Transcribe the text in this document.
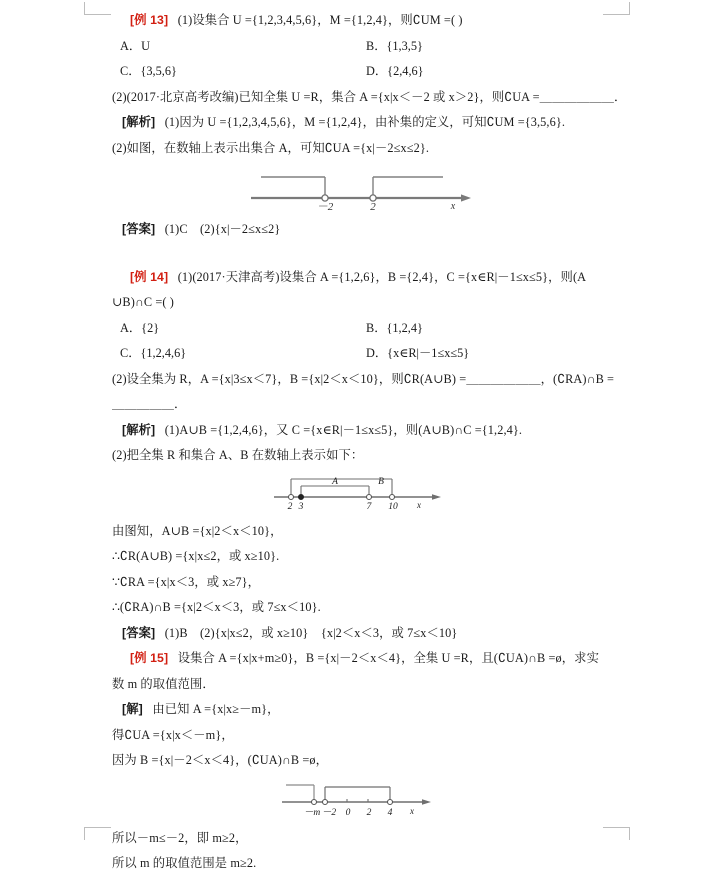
[例 13] (1)设集合 U ={1,2,3,4,5,6}，M ={1,2,4}，则∁UM =( )
A．U	B．{1,3,5}
C．{3,5,6}	D．{2,4,6}
(2)(2017·北京高考改编)已知全集 U =R，集合 A ={x|x＜－2 或 x＞2}，则∁UA =＿＿＿＿＿＿．
[解析] (1)因为 U ={1,2,3,4,5,6}，M ={1,2,4}，由补集的定义，可知∁UM ={3,5,6}.
(2)如图，在数轴上表示出集合 A，可知∁UA ={x|－2≤x≤2}.
－2	2	x
[答案] (1)C　(2){x|－2≤x≤2}
[例 14] (1)(2017·天津高考)设集合 A ={1,2,6}，B ={2,4}，C ={x∈R|－1≤x≤5}，则(A
∪B)∩C =( )
A．{2}	B．{1,2,4}
C．{1,2,4,6}	D．{x∈R|－1≤x≤5}
(2)设全集为 R，A ={x|3≤x＜7}，B ={x|2＜x＜10}，则∁R(A∪B) =＿＿＿＿＿＿，(∁RA)∩B =
＿＿＿＿＿．
[解析] (1)A∪B ={1,2,4,6}，又 C ={x∈R|－1≤x≤5}，则(A∪B)∩C ={1,2,4}.
(2)把全集 R 和集合 A、B 在数轴上表示如下：
A	B
2 3	7 10 x
由图知，A∪B ={x|2＜x＜10}，
∴∁R(A∪B) ={x|x≤2，或 x≥10}.
∵∁RA ={x|x＜3，或 x≥7}，
∴(∁RA)∩B ={x|2＜x＜3，或 7≤x＜10}.
[答案] (1)B　(2){x|x≤2，或 x≥10}　{x|2＜x＜3，或 7≤x＜10}
[例 15] 设集合 A ={x|x+m≥0}，B ={x|－2＜x＜4}，全集 U =R，且(∁UA)∩B =ø，求实
数 m 的取值范围．
[解] 由已知 A ={x|x≥－m}，
得∁UA ={x|x＜－m}，
因为 B ={x|－2＜x＜4}，(∁UA)∩B =ø，
－m －2 0 2 4 x
所以－m≤－2，即 m≥2，
所以 m 的取值范围是 m≥2.
